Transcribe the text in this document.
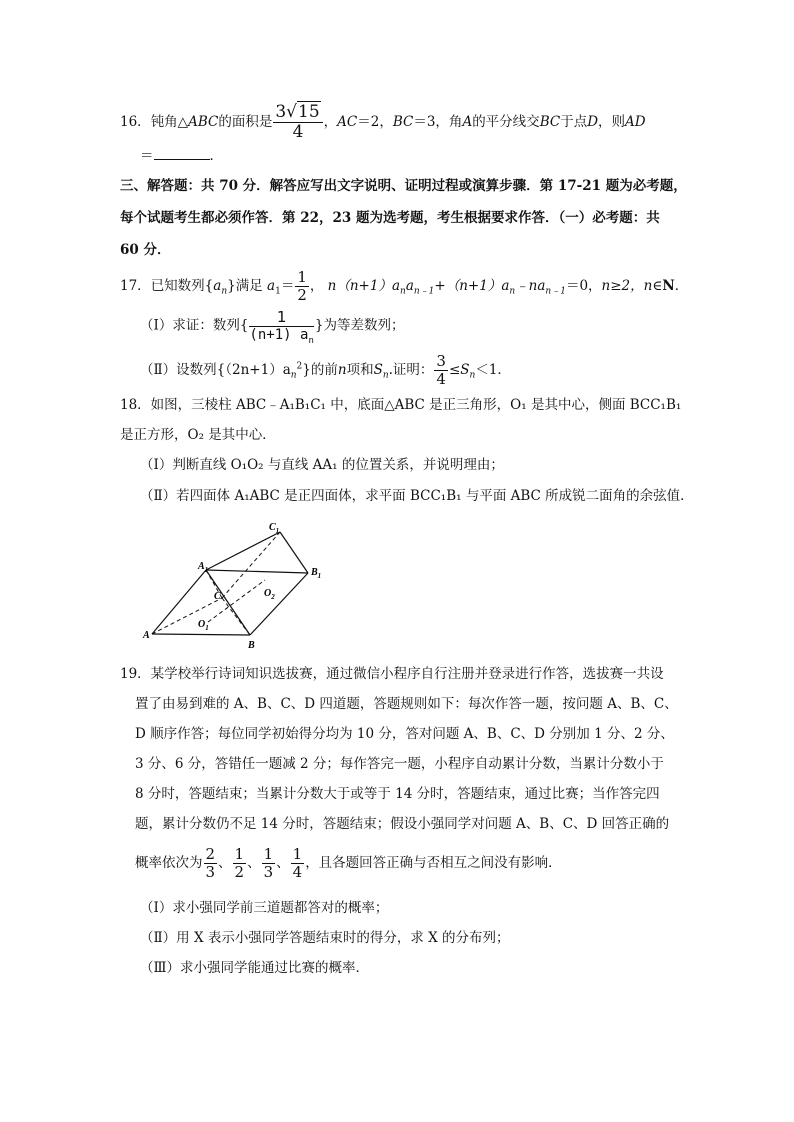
16．钝角△ABC的面积是 $\frac{3√15}{4}$ ，AC＝2，BC＝3，角A的平分线交BC于点D，则AD
＝	．
三、解答题：共 70 分．解答应写出文字说明、证明过程或演算步骤．第 17-21 题为必考题，
每个试题考生都必须作答．第 22，23 题为选考题，考生根据要求作答．（一）必考题：共
60 分．
17．已知数列$\{a_n\}$满足 $a_1= \frac{1}{2}$ ， $n(n+1)a_na_{n﹣1}+(n+1)a_n﹣na_{n﹣1}=0$，n≥2，n∈N．
（Ⅰ）求证：数列{ $\frac{1}{(n+1) a_n}$ }为等差数列；
（Ⅱ）设数列$\{(2n+1)a_n^2\}$的前n项和$S_n$.证明： $\frac{3}{4} \le S_n<1$．
18．如图，三棱柱 ABC﹣A₁B₁C₁ 中，底面△ABC 是正三角形，O₁ 是其中心，侧面 BCC₁B₁
是正方形，O₂ 是其中心．
（Ⅰ）判断直线 O₁O₂ 与直线 AA₁ 的位置关系，并说明理由；
（Ⅱ）若四面体 A₁ABC 是正四面体，求平面 BCC₁B₁ 与平面 ABC 所成锐二面角的余弦值．
$C_1$
$A_1$	$B_1$
C	$O_2$
$O_1$
A
B
19．某学校举行诗词知识选拔赛，通过微信小程序自行注册并登录进行作答，选拔赛一共设
置了由易到难的 A、B、C、D 四道题，答题规则如下：每次作答一题，按问题 A、B、C、
D 顺序作答；每位同学初始得分均为 10 分，答对问题 A、B、C、D 分别加 1 分、2 分、
3 分、6 分，答错任一题减 2 分；每作答完一题，小程序自动累计分数，当累计分数小于
8 分时，答题结束；当累计分数大于或等于 14 分时，答题结束，通过比赛；当作答完四
题，累计分数仍不足 14 分时，答题结束；假设小强同学对问题 A、B、C、D 回答正确的
概率依次为 $\frac{2}{3}$ 、 $\frac{1}{2}$ 、 $\frac{1}{3}$ 、 $\frac{1}{4}$ ，且各题回答正确与否相互之间没有影响．
（Ⅰ）求小强同学前三道题都答对的概率；
（Ⅱ）用 X 表示小强同学答题结束时的得分，求 X 的分布列；
（Ⅲ）求小强同学能通过比赛的概率．
